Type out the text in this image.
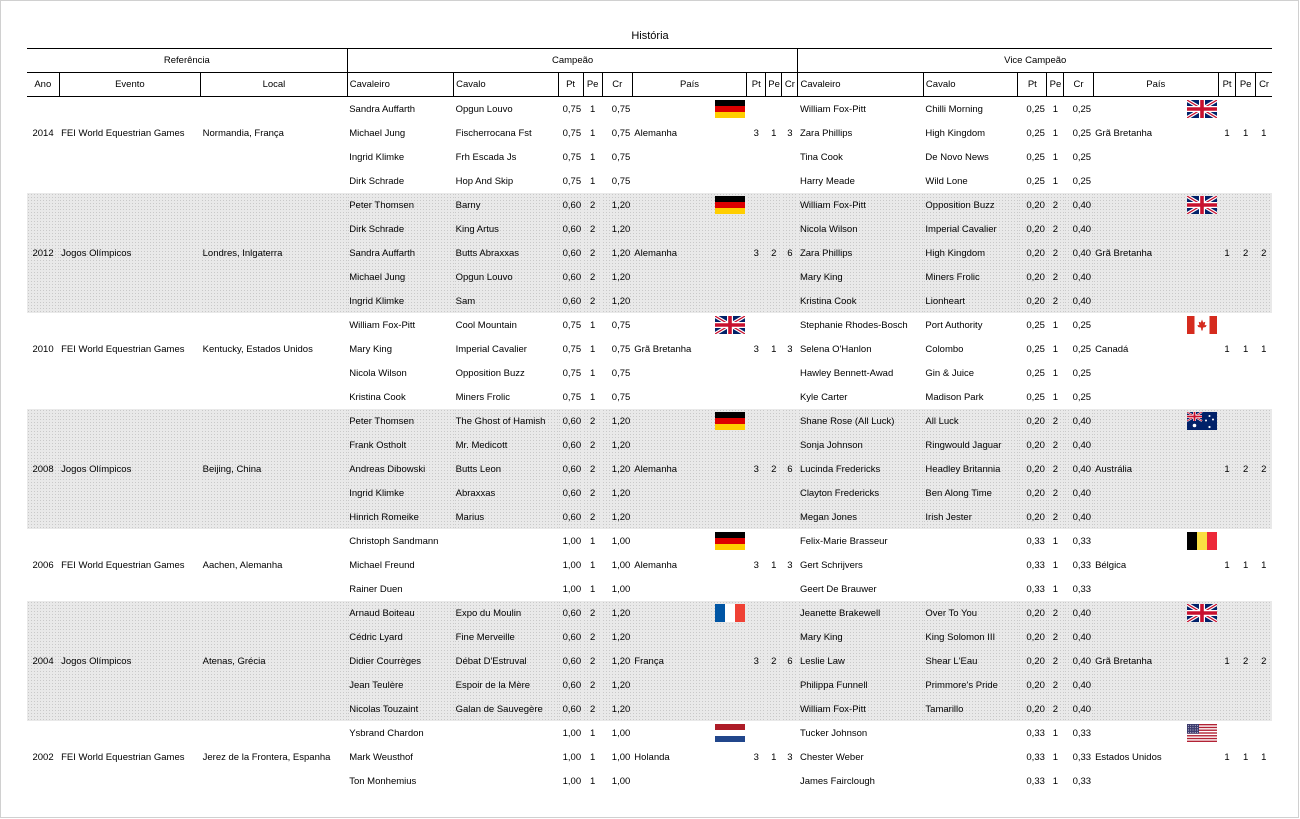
História
Referência			Campeão									Vice Campeão								
Ano	Evento	Local	Cavaleiro	Cavalo	Pt	Pe	Cr	País	Pt	Pe	Cr	Cavaleiro	Cavalo	Pt	Pe	Cr	País	Pt	Pe	Cr
			Sandra Auffarth	Opgun Louvo	0,75	1	0,75					William Fox-Pitt	Chilli Morning	0,25	1	0,25	

2014	FEI World Equestrian Games	Normandia, França	Michael Jung	Fischerrocana Fst	0,75	1	0,75	Alemanha	3	1	3	Zara Phillips	High Kingdom	0,25	1	0,25	Grã Bretanha	1	1	1
			Ingrid Klimke	Frh Escada Js	0,75	1	0,75					Tina Cook	De Novo News	0,25	1	0,25				
			Dirk Schrade	Hop And Skip	0,75	1	0,75					Harry Meade	Wild Lone	0,25	1	0,25				
			Peter Thomsen	Barny	0,60	2	1,20					William Fox-Pitt	Opposition Buzz	0,20	2	0,40	

			Dirk Schrade	King Artus	0,60	2	1,20					Nicola Wilson	Imperial Cavalier	0,20	2	0,40				
2012	Jogos Olímpicos	Londres, Inlgaterra	Sandra Auffarth	Butts Abraxxas	0,60	2	1,20	Alemanha	3	2	6	Zara Phillips	High Kingdom	0,20	2	0,40	Grã Bretanha	1	2	2
			Michael Jung	Opgun Louvo	0,60	2	1,20					Mary King	Miners Frolic	0,20	2	0,40				
			Ingrid Klimke	Sam	0,60	2	1,20					Kristina Cook	Lionheart	0,20	2	0,40				
			William Fox-Pitt	Cool Mountain	0,75	1	0,75					Stephanie Rhodes-Bosch	Port Authority	0,25	1	0,25	

2010	FEI World Equestrian Games	Kentucky, Estados Unidos	Mary King	Imperial Cavalier	0,75	1	0,75	Grã Bretanha	3	1	3	Selena O'Hanlon	Colombo	0,25	1	0,25	Canadá	1	1	1
			Nicola Wilson	Opposition Buzz	0,75	1	0,75					Hawley Bennett-Awad	Gin & Juice	0,25	1	0,25				
			Kristina Cook	Miners Frolic	0,75	1	0,75					Kyle Carter	Madison Park	0,25	1	0,25				
			Peter Thomsen	The Ghost of Hamish	0,60	2	1,20					Shane Rose (All Luck)	All Luck	0,20	2	0,40	

			Frank Ostholt	Mr. Medicott	0,60	2	1,20					Sonja Johnson	Ringwould Jaguar	0,20	2	0,40				
2008	Jogos Olímpicos	Beijing, China	Andreas Dibowski	Butts Leon	0,60	2	1,20	Alemanha	3	2	6	Lucinda Fredericks	Headley Britannia	0,20	2	0,40	Austrália	1	2	2
			Ingrid Klimke	Abraxxas	0,60	2	1,20					Clayton Fredericks	Ben Along Time	0,20	2	0,40				
			Hinrich Romeike	Marius	0,60	2	1,20					Megan Jones	Irish Jester	0,20	2	0,40				
			Christoph Sandmann		1,00	1	1,00					Felix-Marie Brasseur		0,33	1	0,33	

2006	FEI World Equestrian Games	Aachen, Alemanha	Michael Freund		1,00	1	1,00	Alemanha	3	1	3	Gert Schrijvers		0,33	1	0,33	Bélgica	1	1	1
			Rainer Duen		1,00	1	1,00					Geert De Brauwer		0,33	1	0,33				
			Arnaud Boiteau	Expo du Moulin	0,60	2	1,20					Jeanette Brakewell	Over To You	0,20	2	0,40	

			Cédric Lyard	Fine Merveille	0,60	2	1,20					Mary King	King Solomon III	0,20	2	0,40				
2004	Jogos Olímpicos	Atenas, Grécia	Didier Courrèges	Débat D'Estruval	0,60	2	1,20	França	3	2	6	Leslie Law	Shear L'Eau	0,20	2	0,40	Grã Bretanha	1	2	2
			Jean Teulère	Espoir de la Mère	0,60	2	1,20					Philippa Funnell	Primmore's Pride	0,20	2	0,40				
			Nicolas Touzaint	Galan de Sauvegère	0,60	2	1,20					William Fox-Pitt	Tamarillo	0,20	2	0,40				
			Ysbrand Chardon		1,00	1	1,00					Tucker Johnson		0,33	1	0,33	

2002	FEI World Equestrian Games	Jerez de la Frontera, Espanha	Mark Weusthof		1,00	1	1,00	Holanda	3	1	3	Chester Weber		0,33	1	0,33	Estados Unidos	1	1	1
			Ton Monhemius		1,00	1	1,00					James Fairclough		0,33	1	0,33				
